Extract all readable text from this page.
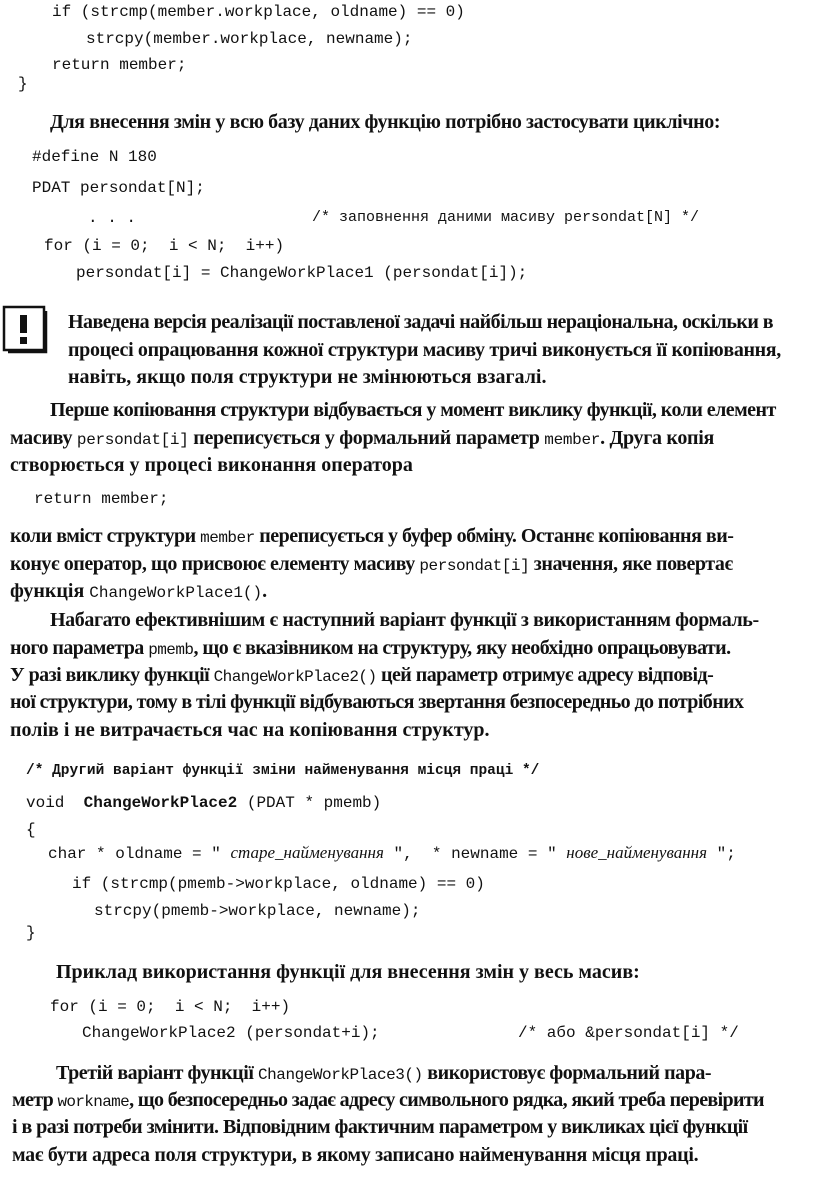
if (strcmp(member.workplace, oldname) == 0)
strcpy(member.workplace, newname);
return member;
}
Для внесення змін у всю базу даних функцію потрібно застосувати циклічно:
#define N 180
PDAT persondat[N];
. . .	/* заповнення даними масиву persondat[N] */
for (i = 0;  i < N;  i++)
persondat[i] = ChangeWorkPlace1 (persondat[i]);
Наведена версія реалізації поставленої задачі найбільш нераціональна, оскільки в
процесі опрацювання кожної структури масиву тричі виконується її копіювання,
навіть, якщо поля структури не змінюються взагалі.
Перше копіювання структури відбувається у момент виклику функції, коли елемент
масиву persondat[i] переписується у формальний параметр member. Друга копія
створюється у процесі виконання оператора
return member;
коли вміст структури member переписується у буфер обміну. Останнє копіювання ви-
конує оператор, що присвоює елементу масиву persondat[i] значення, яке повертає
функція ChangeWorkPlace1().
Набагато ефективнішим є наступний варіант функції з використанням формаль-
ного параметра pmemb, що є вказівником на структуру, яку необхідно опрацьовувати.
У разі виклику функції ChangeWorkPlace2() цей параметр отримує адресу відповід-
ної структури, тому в тілі функції відбуваються звертання безпосередньо до потрібних
полів і не витрачається час на копіювання структур.
/* Другий варіант функції зміни найменування місця праці */
void  ChangeWorkPlace2 (PDAT * pmemb)
{
char * oldname = " старе_найменування ",  * newname = " нове_найменування ";
if (strcmp(pmemb->workplace, oldname) == 0)
strcpy(pmemb->workplace, newname);
}
Приклад використання функції для внесення змін у весь масив:
for (i = 0;  i < N;  i++)
ChangeWorkPlace2 (persondat+i);	/* або &persondat[i] */
Третій варіант функції ChangeWorkPlace3() використовує формальний пара-
метр workname, що безпосередньо задає адресу символьного рядка, який треба перевірити
і в разі потреби змінити. Відповідним фактичним параметром у викликах цієї функції
має бути адреса поля структури, в якому записано найменування місця праці.
